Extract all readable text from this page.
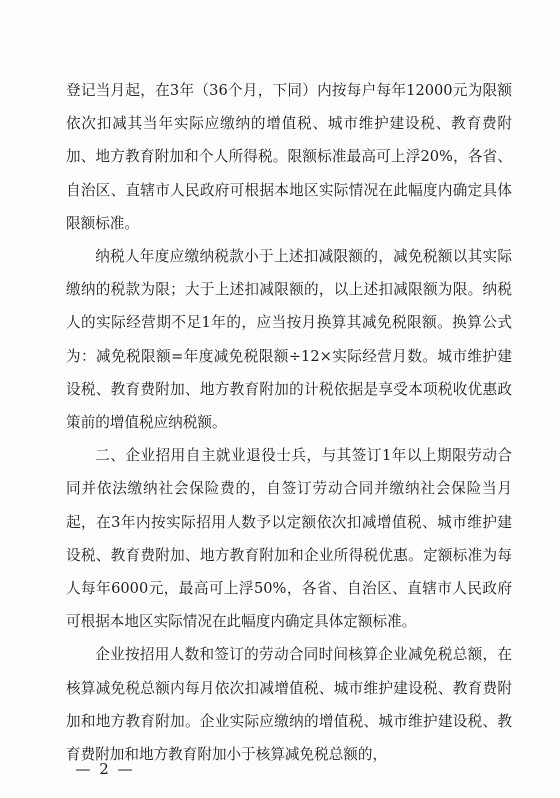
登记当月起，在3年（36个月，下同）内按每户每年12000元为限额依次扣减其当年实际应缴纳的增值税、城市维护建设税、教育费附加、地方教育附加和个人所得税。限额标准最高可上浮20%，各省、自治区、直辖市人民政府可根据本地区实际情况在此幅度内确定具体限额标准。

纳税人年度应缴纳税款小于上述扣减限额的，减免税额以其实际缴纳的税款为限；大于上述扣减限额的，以上述扣减限额为限。纳税人的实际经营期不足1年的，应当按月换算其减免税限额。换算公式为：减免税限额=年度减免税限额÷12×实际经营月数。城市维护建设税、教育费附加、地方教育附加的计税依据是享受本项税收优惠政策前的增值税应纳税额。

二、企业招用自主就业退役士兵，与其签订1年以上期限劳动合同并依法缴纳社会保险费的，自签订劳动合同并缴纳社会保险当月起，在3年内按实际招用人数予以定额依次扣减增值税、城市维护建设税、教育费附加、地方教育附加和企业所得税优惠。定额标准为每人每年6000元，最高可上浮50%，各省、自治区、直辖市人民政府可根据本地区实际情况在此幅度内确定具体定额标准。

企业按招用人数和签订的劳动合同时间核算企业减免税总额，在核算减免税总额内每月依次扣减增值税、城市维护建设税、教育费附加和地方教育附加。企业实际应缴纳的增值税、城市维护建设税、教育费附加和地方教育附加小于核算减免税总额的，

— 2 —
